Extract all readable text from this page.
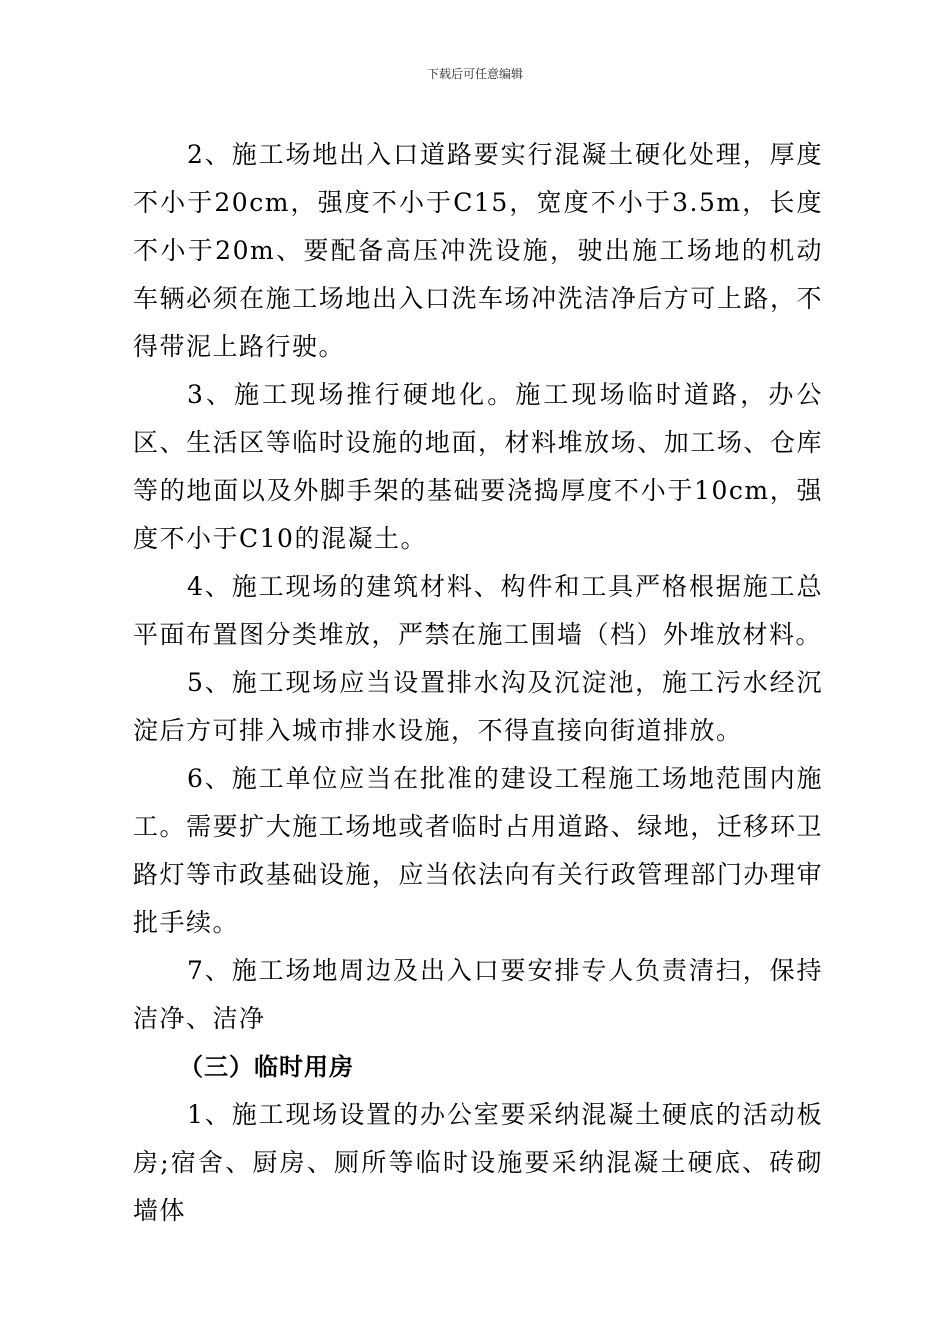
下载后可任意编辑

2、施工场地出入口道路要实行混凝土硬化处理，厚度不小于20cm，强度不小于C15，宽度不小于3.5m，长度不小于20m、要配备高压冲洗设施，驶出施工场地的机动车辆必须在施工场地出入口洗车场冲洗洁净后方可上路，不得带泥上路行驶。

3、施工现场推行硬地化。施工现场临时道路，办公区、生活区等临时设施的地面，材料堆放场、加工场、仓库等的地面以及外脚手架的基础要浇捣厚度不小于10cm，强度不小于C10的混凝土。

4、施工现场的建筑材料、构件和工具严格根据施工总平面布置图分类堆放，严禁在施工围墙（档）外堆放材料。

5、施工现场应当设置排水沟及沉淀池，施工污水经沉淀后方可排入城市排水设施，不得直接向街道排放。

6、施工单位应当在批准的建设工程施工场地范围内施工。需要扩大施工场地或者临时占用道路、绿地，迁移环卫路灯等市政基础设施，应当依法向有关行政管理部门办理审批手续。

7、施工场地周边及出入口要安排专人负责清扫，保持洁净、洁净

（三）临时用房

1、施工现场设置的办公室要采纳混凝土硬底的活动板房;宿舍、厨房、厕所等临时设施要采纳混凝土硬底、砖砌墙体
